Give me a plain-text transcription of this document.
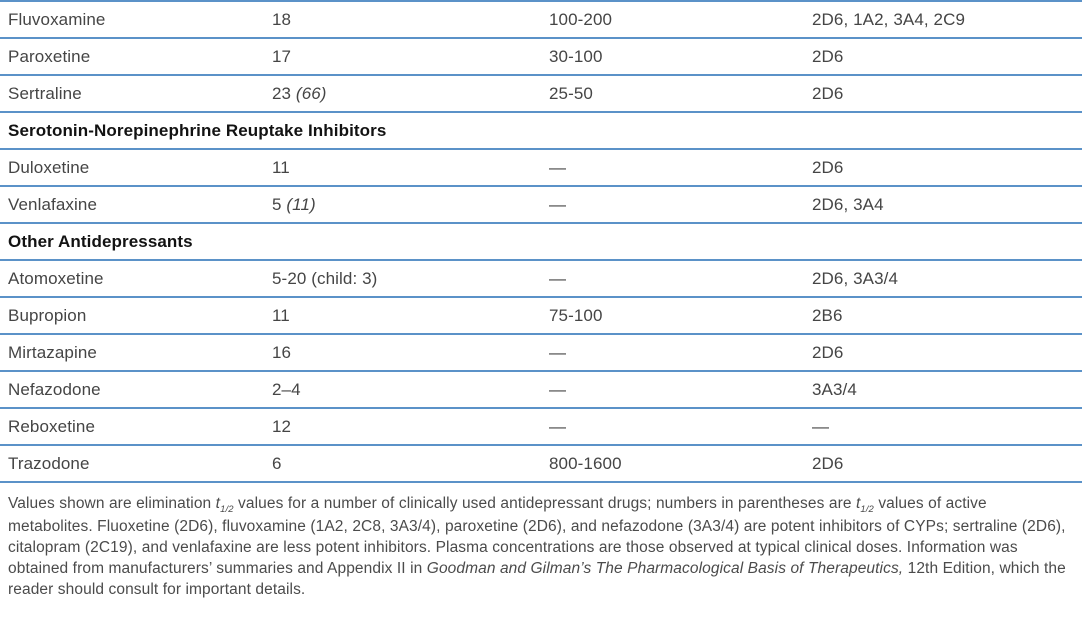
Fluvoxamine	18	100-200	2D6, 1A2, 3A4, 2C9
Paroxetine	17	30-100	2D6
Sertraline	23 (66)	25-50	2D6
Serotonin-Norepinephrine Reuptake Inhibitors
Duloxetine	11	—	2D6
Venlafaxine	5 (11)	—	2D6, 3A4
Other Antidepressants
Atomoxetine	5-20 (child: 3)	—	2D6, 3A3/4
Bupropion	11	75-100	2B6
Mirtazapine	16	—	2D6
Nefazodone	2–4	—	3A3/4
Reboxetine	12	—	—
Trazodone	6	800-1600	2D6

Values shown are elimination $t_{1/2}$ values for a number of clinically used antidepressant drugs; numbers in parentheses are $t_{1/2}$ values of active metabolites. Fluoxetine (2D6), fluvoxamine (1A2, 2C8, 3A3/4), paroxetine (2D6), and nefazodone (3A3/4) are potent inhibitors of CYPs; sertraline (2D6), citalopram (2C19), and venlafaxine are less potent inhibitors. Plasma concentrations are those observed at typical clinical doses. Information was obtained from manufacturers’ summaries and Appendix II in Goodman and Gilman’s The Pharmacological Basis of Therapeutics, 12th Edition, which the reader should consult for important details.
